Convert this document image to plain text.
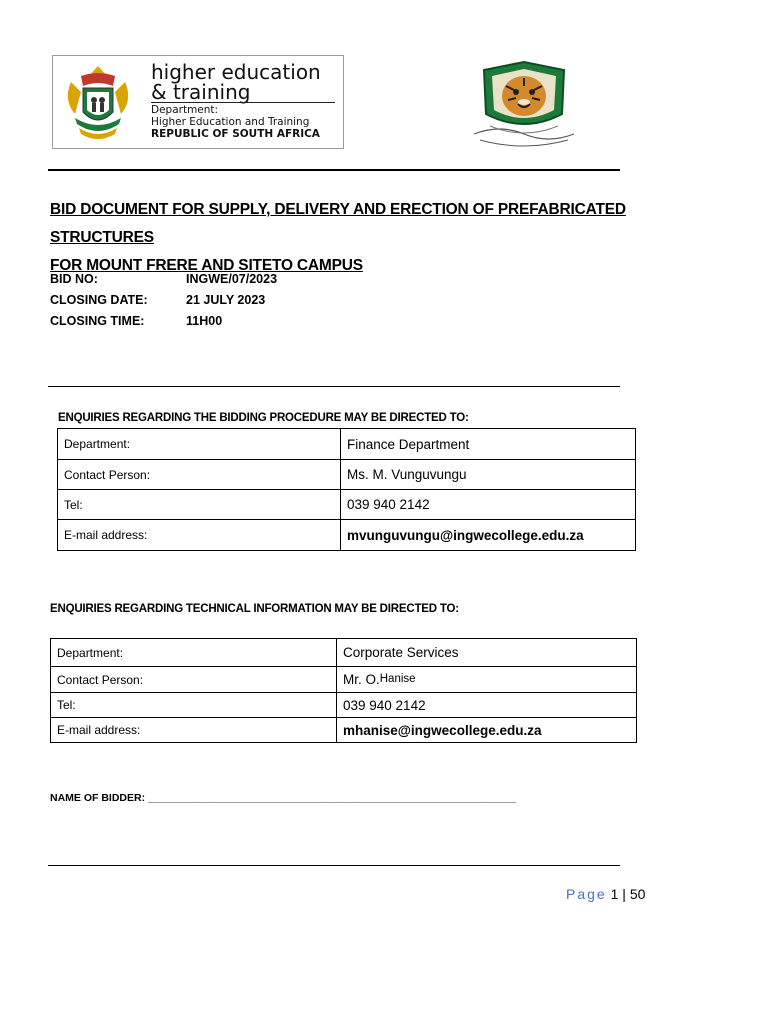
higher education
& training
Department:
Higher Education and Training
REPUBLIC OF SOUTH AFRICA
BID DOCUMENT FOR SUPPLY, DELIVERY AND ERECTION OF PREFABRICATED STRUCTURES
FOR MOUNT FRERE AND SITETO CAMPUS
BID NO:	INGWE/07/2023
CLOSING DATE:	21 JULY 2023
CLOSING TIME:	11H00
ENQUIRIES REGARDING THE BIDDING PROCEDURE MAY BE DIRECTED TO:
Department:	Finance Department
Contact Person:	Ms. M. Vunguvungu
Tel:	039 940 2142
E-mail address:	mvunguvungu@ingwecollege.edu.za
ENQUIRIES REGARDING TECHNICAL INFORMATION MAY BE DIRECTED TO:
Department:	Corporate Services
Contact Person:	Mr. O.Hanise
Tel:	039 940 2142
E-mail address:	mhanise@ingwecollege.edu.za
NAME OF BIDDER: _______________________________________________________________
Page 1 | 50
